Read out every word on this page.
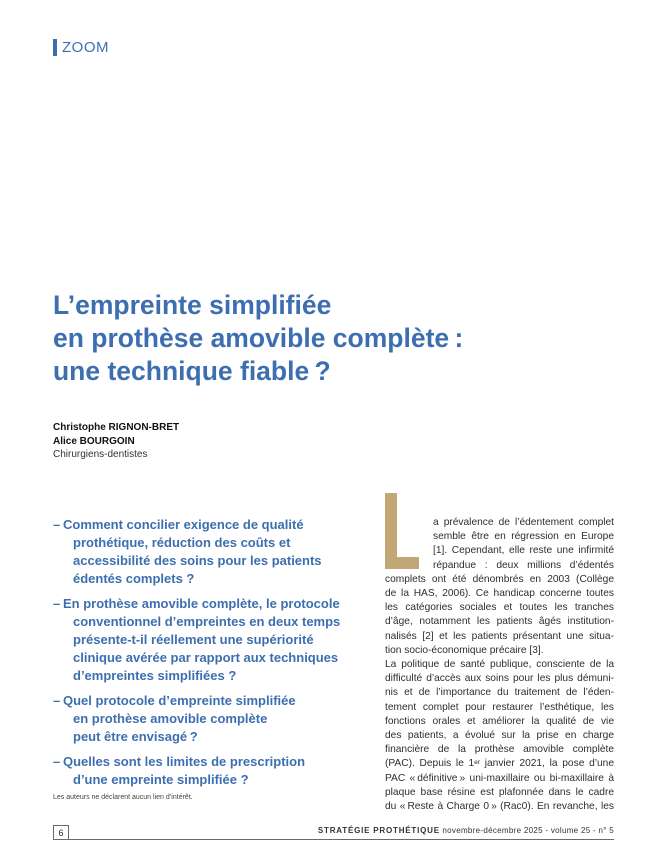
ZOOM
L’empreinte simplifiée
en prothèse amovible complète :
une technique fiable ?
Christophe RIGNON-BRET
Alice BOURGOIN
Chirurgiens-dentistes
– Comment concilier exigence de qualité
prothétique, réduction des coûts et
accessibilité des soins pour les patients
édentés complets ?
– En prothèse amovible complète, le protocole
conventionnel d’empreintes en deux temps
présente-t-il réellement une supériorité
clinique avérée par rapport aux techniques
d’empreintes simplifiées ?
– Quel protocole d’empreinte simplifiée
en prothèse amovible complète
peut être envisagé ?
– Quelles sont les limites de prescription
d’une empreinte simplifiée ?
Les auteurs ne déclarent aucun lien d’intérêt.
a prévalence de l’édentement complet
semble être en régression en Europe
[1]. Cependant, elle reste une infirmité
répandue : deux millions d’édentés
complets ont été dénombrés en 2003 (Collège
de la HAS, 2006). Ce handicap concerne toutes
les catégories sociales et toutes les tranches
d’âge, notamment les patients âgés institution-
nalisés [2] et les patients présentant une situa-
tion socio-économique précaire [3].
La politique de santé publique, consciente de la
difficulté d’accès aux soins pour les plus démuni-
nis et de l’importance du traitement de l’éden-
tement complet pour restaurer l’esthétique, les
fonctions orales et améliorer la qualité de vie
des patients, a évolué sur la prise en charge
financière de la prothèse amovible complète
(PAC). Depuis le 1er janvier 2021, la pose d’une
PAC « définitive » uni-maxillaire ou bi-maxillaire à
plaque base résine est plafonnée dans le cadre
du « Reste à Charge 0 » (Rac0). En revanche, les
6	STRATÉGIE PROTHÉTIQUE novembre-décembre 2025 - volume 25 - n° 5
